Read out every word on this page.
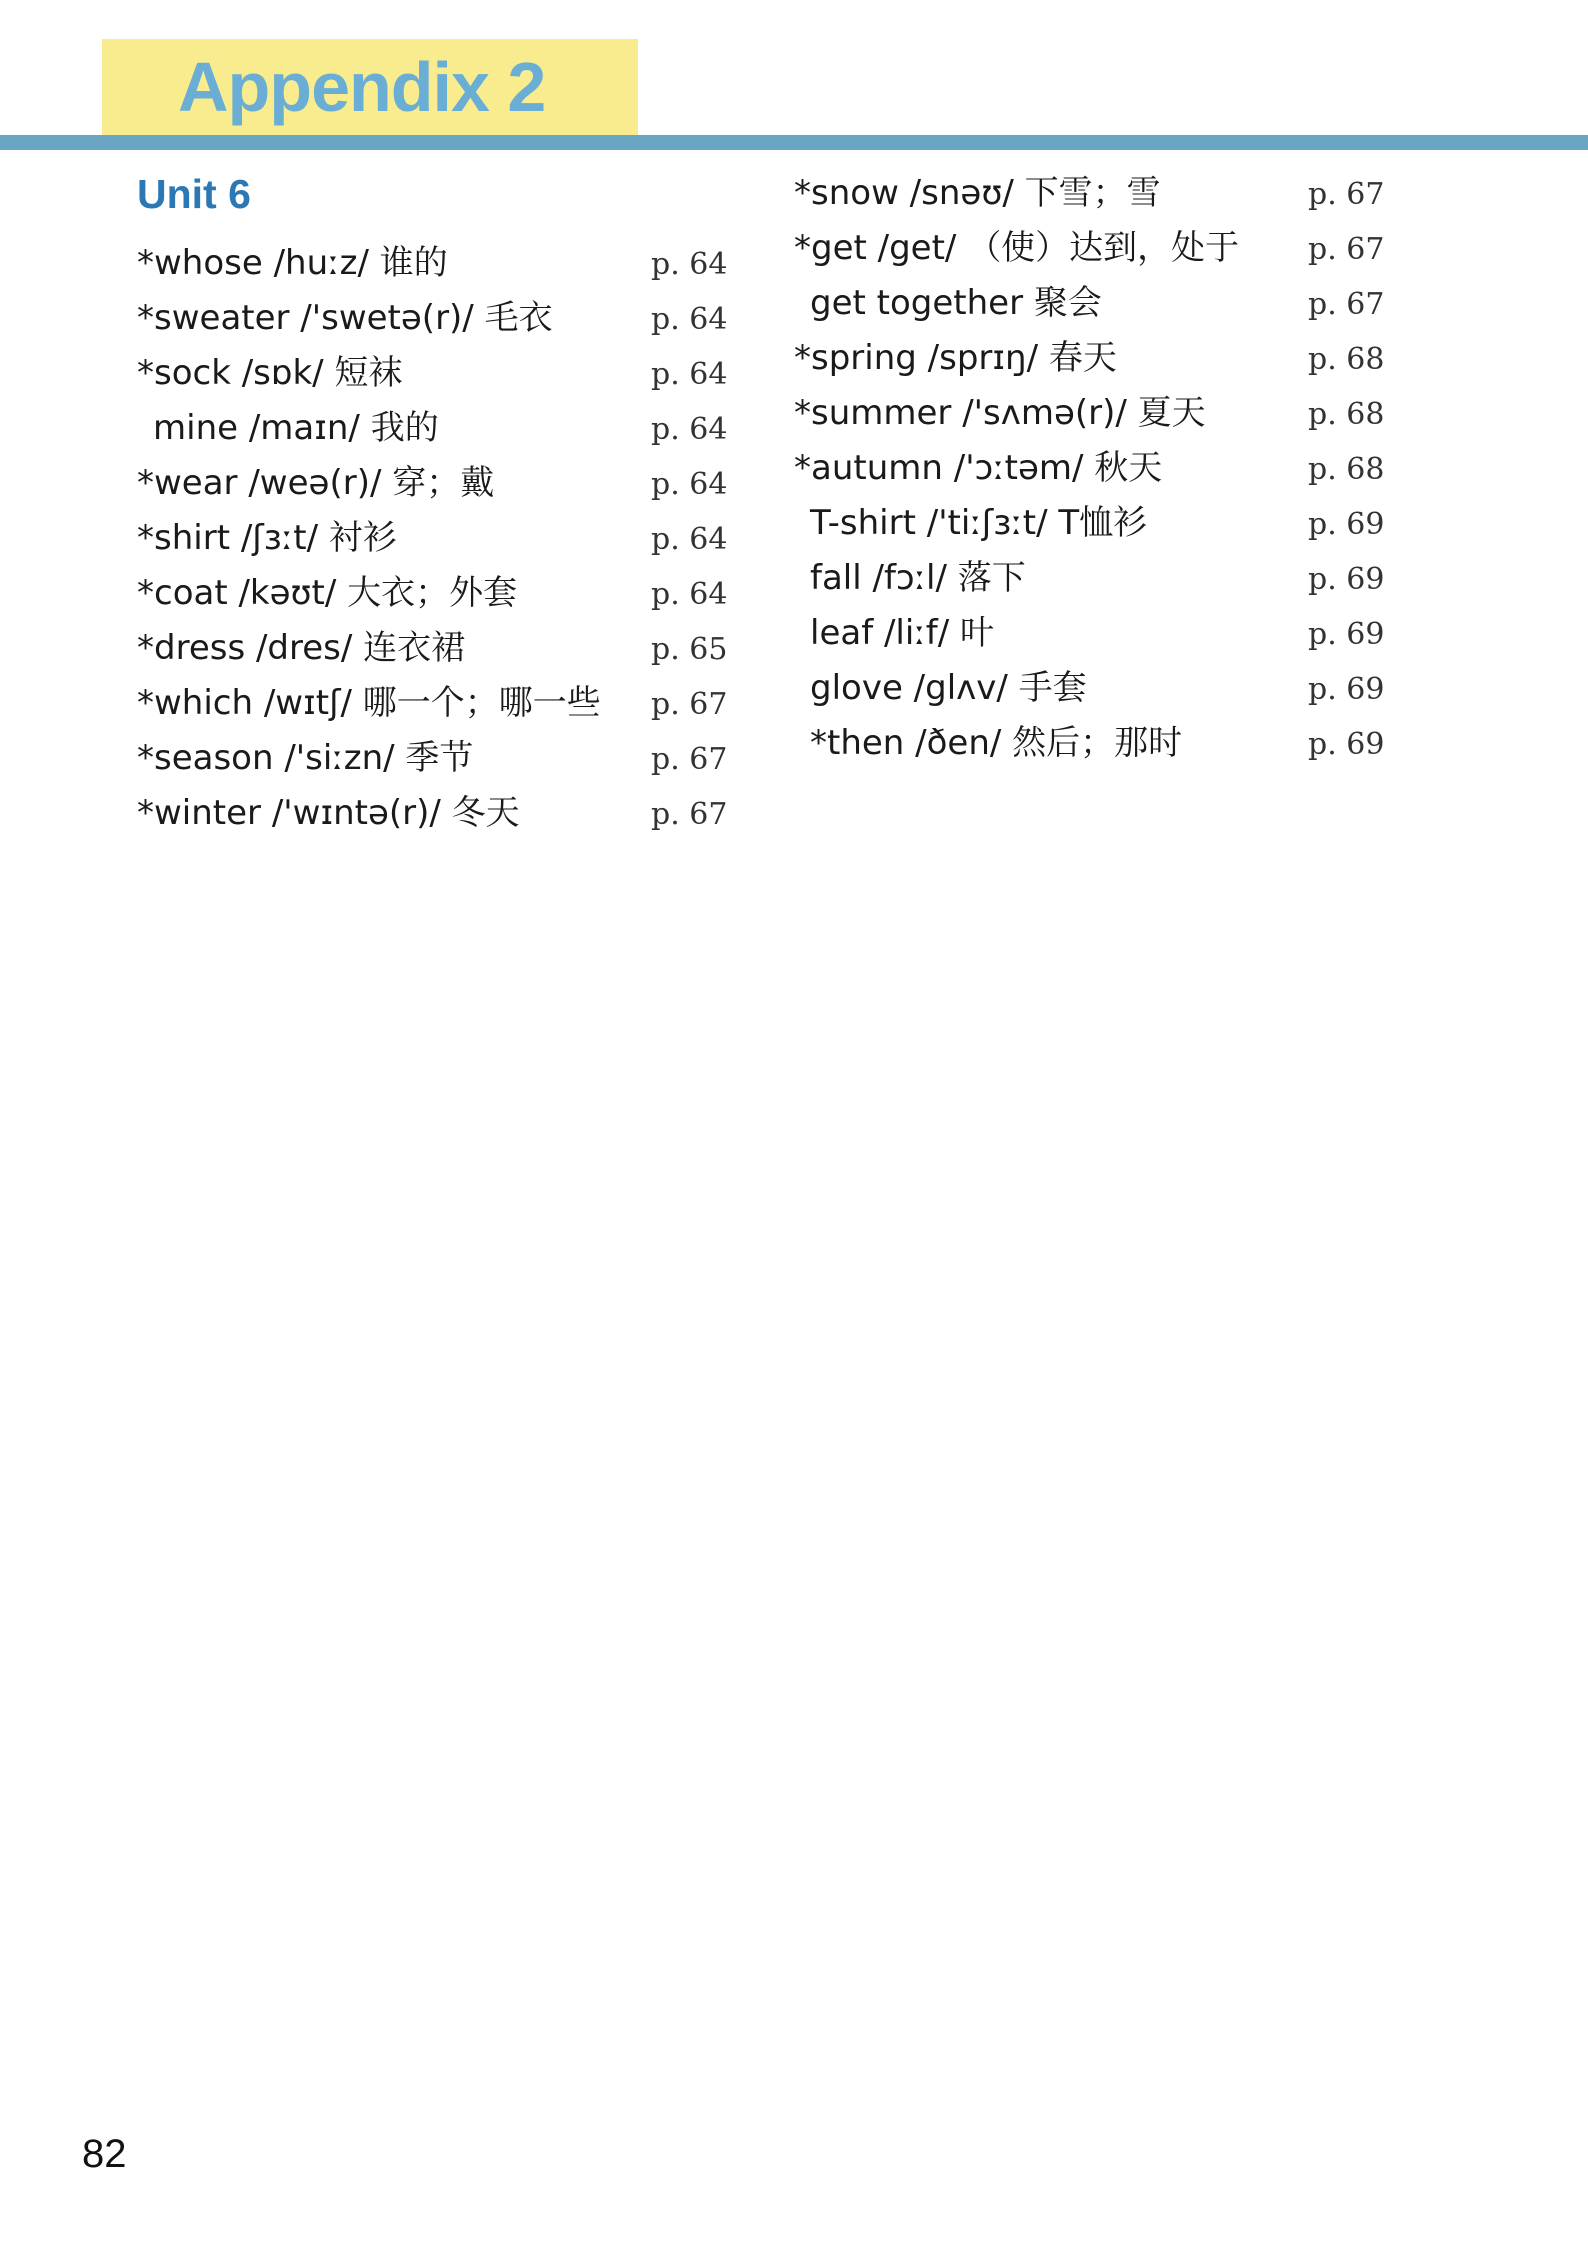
Appendix 2
Unit 6
*whose /huːz/ 谁的	p. 64
*sweater /'swetə(r)/ 毛衣	p. 64
*sock /sɒk/ 短袜	p. 64
mine /maɪn/ 我的	p. 64
*wear /weə(r)/ 穿；戴	p. 64
*shirt /ʃɜːt/ 衬衫	p. 64
*coat /kəʊt/ 大衣；外套	p. 64
*dress /dres/ 连衣裙	p. 65
*which /wɪtʃ/ 哪一个；哪一些 p. 67
*season /'siːzn/ 季节	p. 67
*winter /'wɪntə(r)/ 冬天	p. 67
*snow /snəʊ/ 下雪；雪	p. 67
*get /get/ （使）达到，处于 p. 67
get together 聚会	p. 67
*spring /sprɪŋ/ 春天	p. 68
*summer /'sʌmə(r)/ 夏天	p. 68
*autumn /'ɔːtəm/ 秋天	p. 68
T-shirt /'tiːʃɜːt/ T恤衫	p. 69
fall /fɔːl/ 落下	p. 69
leaf /liːf/ 叶	p. 69
glove /glʌv/ 手套	p. 69
*then /ðen/ 然后；那时	p. 69
82
